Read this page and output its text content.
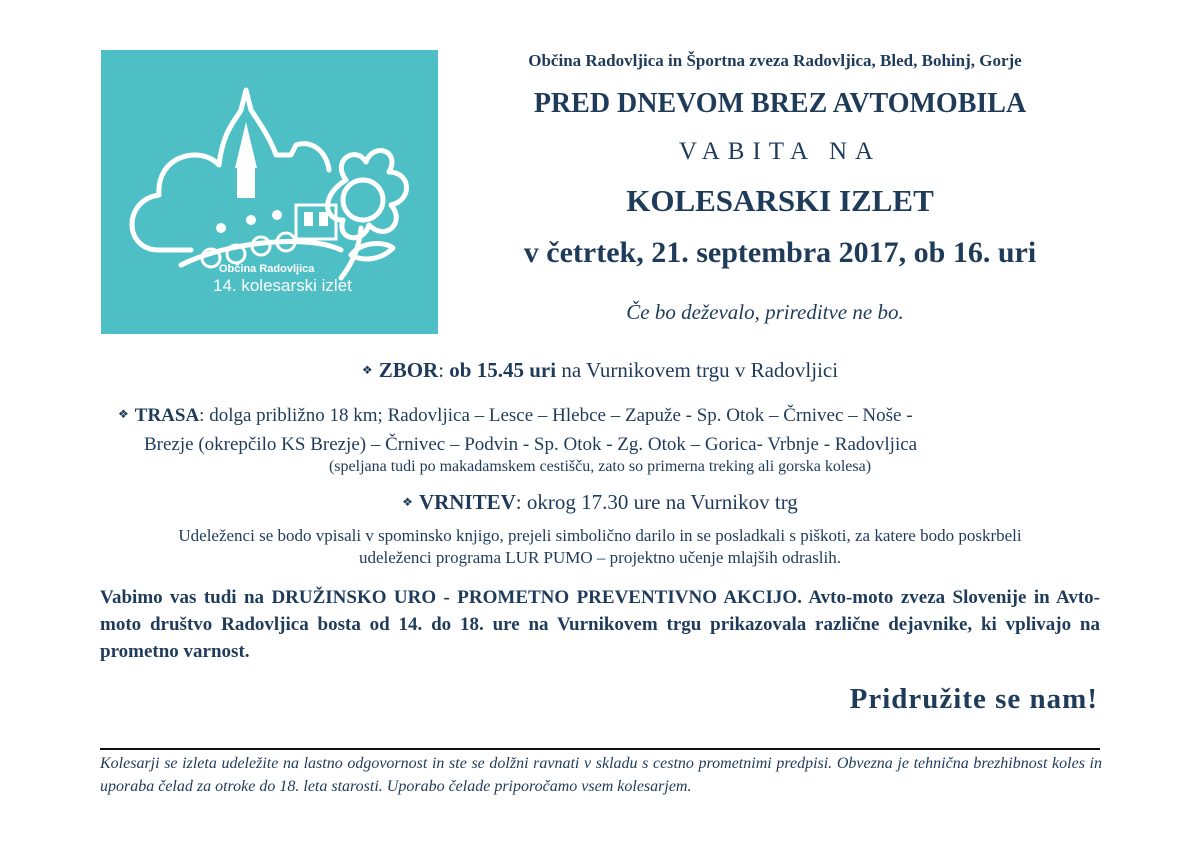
Občina Radovljica
14. kolesarski izlet
Občina Radovljica in Športna zveza Radovljica, Bled, Bohinj, Gorje
PRED DNEVOM BREZ AVTOMOBILA
VABITA NA
KOLESARSKI IZLET
v četrtek, 21. septembra 2017, ob 16. uri
Če bo deževalo, prireditve ne bo.
❖ ZBOR: ob 15.45 uri na Vurnikovem trgu v Radovljici
❖ TRASA: dolga približno 18 km; Radovljica – Lesce – Hlebce – Zapuže - Sp. Otok – Črnivec – Noše -
Brezje (okrepčilo KS Brezje) – Črnivec – Podvin - Sp. Otok - Zg. Otok – Gorica- Vrbnje - Radovljica
(speljana tudi po makadamskem cestišču, zato so primerna treking ali gorska kolesa)
❖ VRNITEV: okrog 17.30 ure na Vurnikov trg
Udeleženci se bodo vpisali v spominsko knjigo, prejeli simbolično darilo in se posladkali s piškoti, za katere bodo poskrbeli
udeleženci programa LUR PUMO – projektno učenje mlajših odraslih.
Vabimo vas tudi na DRUŽINSKO URO - PROMETNO PREVENTIVNO AKCIJO. Avto-moto zveza Slovenije in Avto-moto društvo Radovljica bosta od 14. do 18. ure na Vurnikovem trgu prikazovala različne dejavnike, ki vplivajo na prometno varnost.
Pridružite se nam!
Kolesarji se izleta udeležite na lastno odgovornost in ste se dolžni ravnati v skladu s cestno prometnimi predpisi. Obvezna je tehnična brezhibnost koles in uporaba čelad za otroke do 18. leta starosti. Uporabo čelade priporočamo vsem kolesarjem.
